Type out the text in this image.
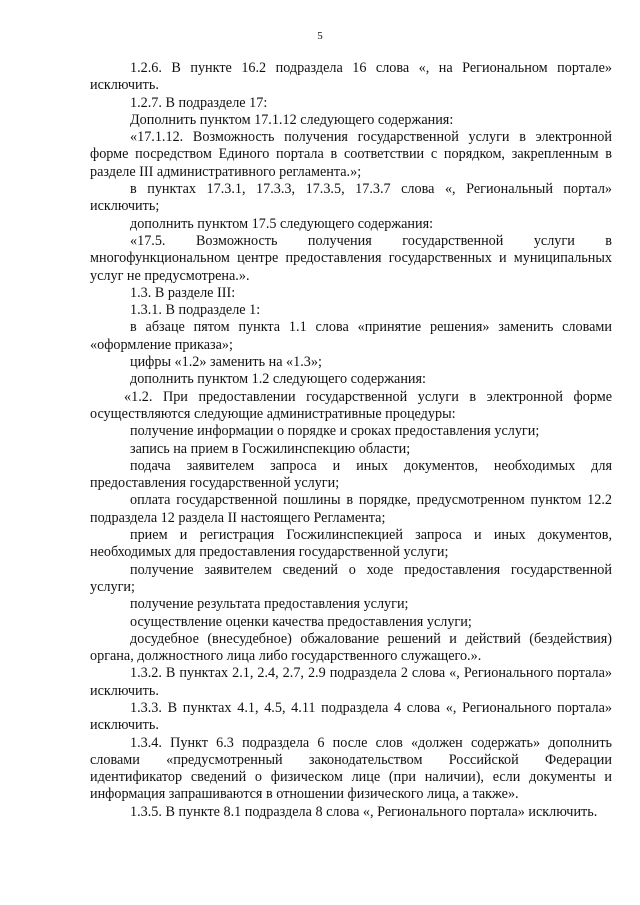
5

1.2.6. В пункте 16.2 подраздела 16 слова «, на Региональном портале» исключить.

1.2.7. В подразделе 17:

Дополнить пунктом 17.1.12 следующего содержания:

«17.1.12. Возможность получения государственной услуги в электронной форме посредством Единого портала в соответствии с порядком, закрепленным в разделе III административного регламента.»;

в пунктах 17.3.1, 17.3.3, 17.3.5, 17.3.7 слова «, Региональный портал» исключить;

дополнить пунктом 17.5 следующего содержания:

«17.5. Возможность получения государственной услуги в многофункциональном центре предоставления государственных и муниципальных услуг не предусмотрена.».

1.3. В разделе III:

1.3.1. В подразделе 1:

в абзаце пятом пункта 1.1 слова «принятие решения» заменить словами «оформление приказа»;

цифры «1.2» заменить на «1.3»;

дополнить пунктом 1.2 следующего содержания:

«1.2. При предоставлении государственной услуги в электронной форме осуществляются следующие административные процедуры:

получение информации о порядке и сроках предоставления услуги;

запись на прием в Госжилинспекцию области;

подача заявителем запроса и иных документов, необходимых для предоставления государственной услуги;

оплата государственной пошлины в порядке, предусмотренном пунктом 12.2 подраздела 12 раздела II настоящего Регламента;

прием и регистрация Госжилинспекцией запроса и иных документов, необходимых для предоставления государственной услуги;

получение заявителем сведений о ходе предоставления государственной услуги;

получение результата предоставления услуги;

осуществление оценки качества предоставления услуги;

досудебное (внесудебное) обжалование решений и действий (бездействия) органа, должностного лица либо государственного служащего.».

1.3.2. В пунктах 2.1, 2.4, 2.7, 2.9 подраздела 2 слова «, Регионального портала» исключить.

1.3.3. В пунктах 4.1, 4.5, 4.11 подраздела 4 слова «, Регионального портала» исключить.

1.3.4. Пункт 6.3 подраздела 6 после слов «должен содержать» дополнить словами «предусмотренный законодательством Российской Федерации идентификатор сведений о физическом лице (при наличии), если документы и информация запрашиваются в отношении физического лица, а также».

1.3.5. В пункте 8.1 подраздела 8 слова «, Регионального портала» исключить.
